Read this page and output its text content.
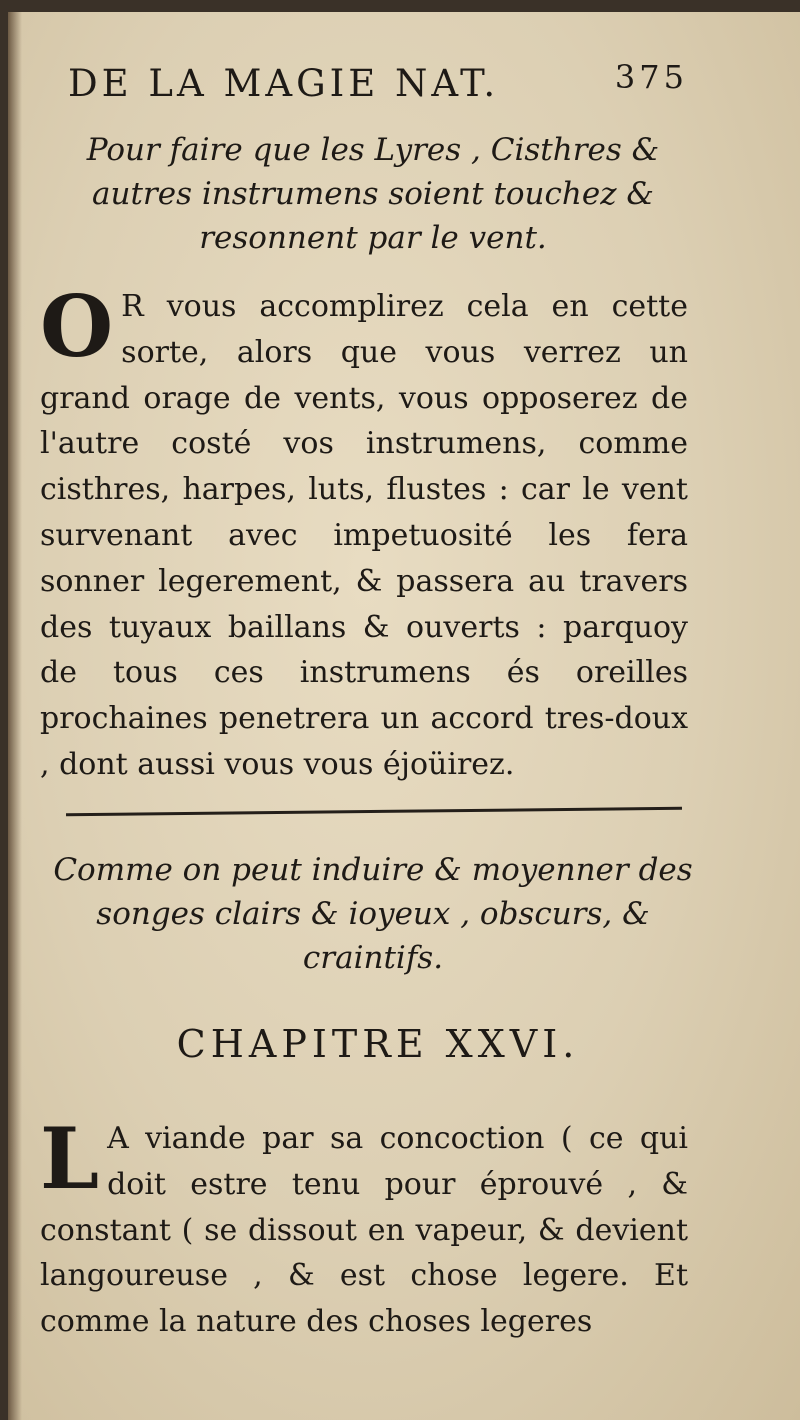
DE LA MAGIE NAT.	375
Pour faire que les Lyres , Cisthres & autres instrumens soient touchez & resonnent par le vent.
O R vous accomplirez cela en cette sorte, alors que vous verrez un grand orage de vents, vous opposerez de l'autre costé vos instrumens, comme cisthres, harpes, luts, flustes : car le vent survenant avec impetuosité les fera sonner legerement, & passera au travers des tuyaux baillans & ouverts : parquoy de tous ces instrumens és oreilles prochaines penetrera un accord tres-doux , dont aussi vous vous éjoüirez.
Comme on peut induire & moyenner des songes clairs & ioyeux , obscurs, & craintifs.
CHAPITRE XXVI.
L A viande par sa concoction ( ce qui doit estre tenu pour éprouvé , & constant ( se dissout en vapeur, & devient langoureuse , & est chose legere. Et comme la nature des choses legeres
